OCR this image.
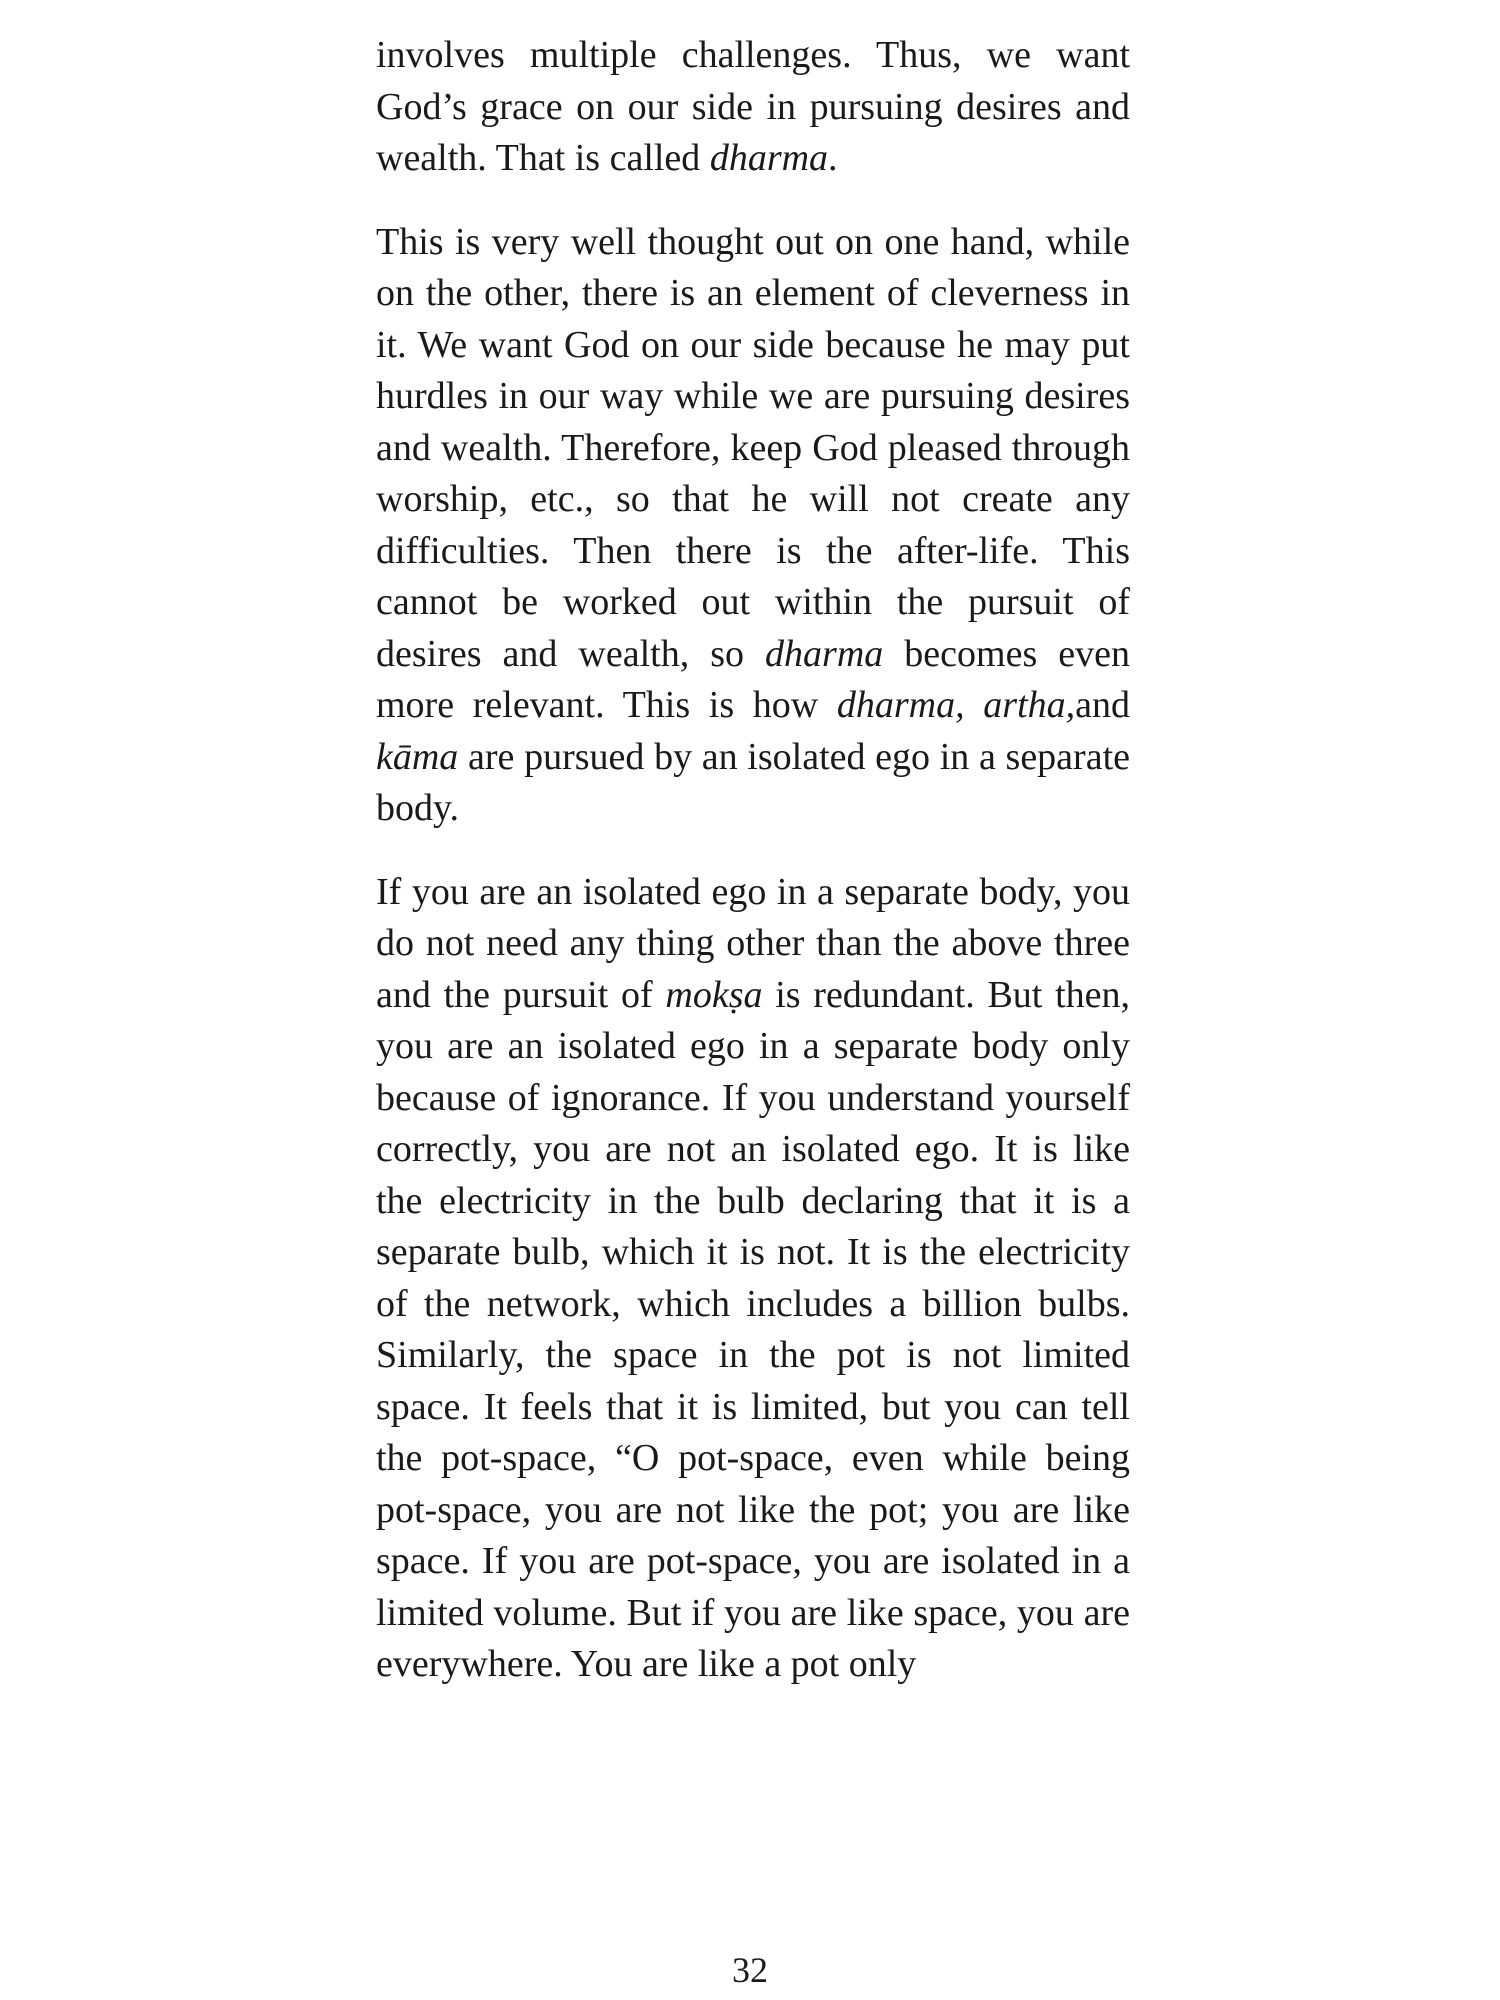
involves multiple challenges. Thus, we want God’s grace on our side in pursuing desires and wealth. That is called dharma.

This is very well thought out on one hand, while on the other, there is an element of cleverness in it. We want God on our side because he may put hurdles in our way while we are pursuing desires and wealth. Therefore, keep God pleased through worship, etc., so that he will not create any difficulties. Then there is the after-life. This cannot be worked out within the pursuit of desires and wealth, so dharma becomes even more relevant. This is how dharma, artha,and kāma are pursued by an isolated ego in a separate body.

If you are an isolated ego in a separate body, you do not need any thing other than the above three and the pursuit of mokṣa is redundant. But then, you are an isolated ego in a separate body only because of ignorance. If you understand yourself correctly, you are not an isolated ego. It is like the electricity in the bulb declaring that it is a separate bulb, which it is not. It is the electricity of the network, which includes a billion bulbs. Similarly, the space in the pot is not limited space. It feels that it is limited, but you can tell the pot-space, “O pot-space, even while being pot-space, you are not like the pot; you are like space. If you are pot-space, you are isolated in a limited volume. But if you are like space, you are everywhere. You are like a pot only

32
